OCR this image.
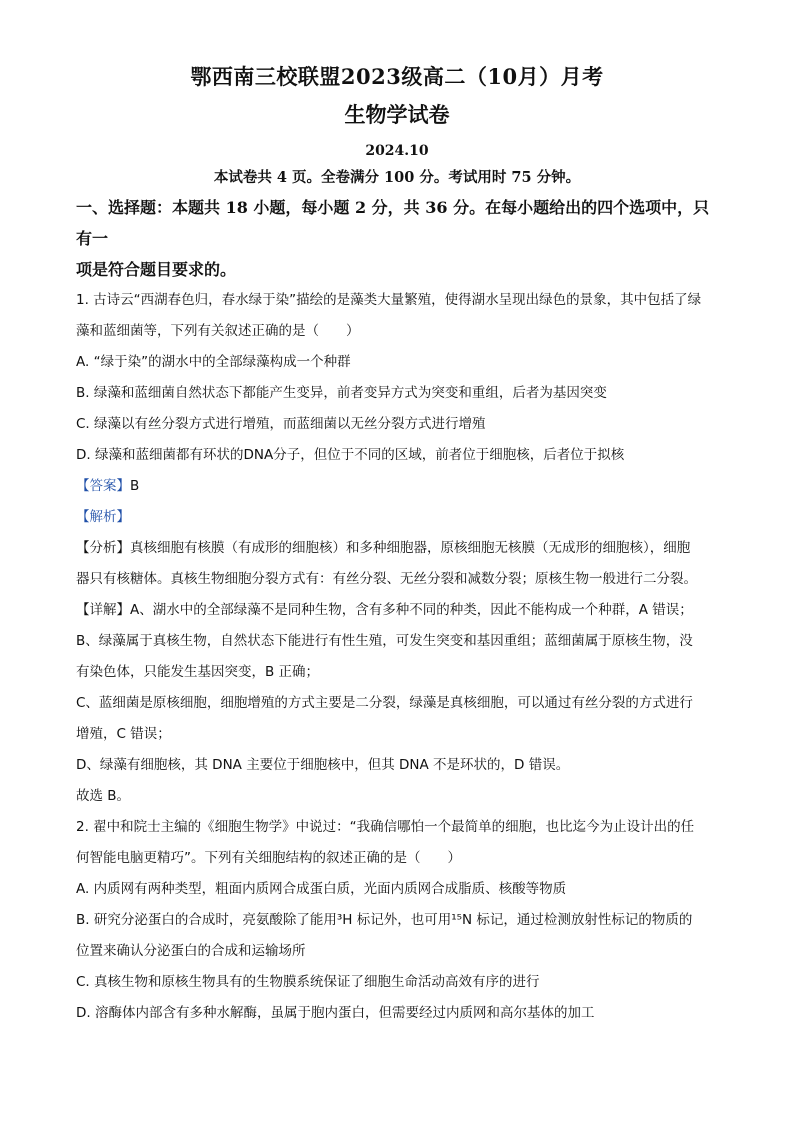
鄂西南三校联盟2023级高二（10月）月考
生物学试卷
2024.10
本试卷共 4 页。全卷满分 100 分。考试用时 75 分钟。
一、选择题：本题共 18 小题，每小题 2 分，共 36 分。在每小题给出的四个选项中，只有一
项是符合题目要求的。
1. 古诗云“西湖春色归，春水绿于染”描绘的是藻类大量繁殖，使得湖水呈现出绿色的景象，其中包括了绿
藻和蓝细菌等，下列有关叙述正确的是（　　）
A. “绿于染”的湖水中的全部绿藻构成一个种群
B. 绿藻和蓝细菌自然状态下都能产生变异，前者变异方式为突变和重组，后者为基因突变
C. 绿藻以有丝分裂方式进行增殖，而蓝细菌以无丝分裂方式进行增殖
D. 绿藻和蓝细菌都有环状的DNA分子，但位于不同的区域，前者位于细胞核，后者位于拟核
【答案】B
【解析】
【分析】真核细胞有核膜（有成形的细胞核）和多种细胞器，原核细胞无核膜（无成形的细胞核），细胞
器只有核糖体。真核生物细胞分裂方式有：有丝分裂、无丝分裂和减数分裂；原核生物一般进行二分裂。
【详解】A、湖水中的全部绿藻不是同种生物，含有多种不同的种类，因此不能构成一个种群，A 错误；
B、绿藻属于真核生物，自然状态下能进行有性生殖，可发生突变和基因重组；蓝细菌属于原核生物，没
有染色体，只能发生基因突变，B 正确；
C、蓝细菌是原核细胞，细胞增殖的方式主要是二分裂，绿藻是真核细胞，可以通过有丝分裂的方式进行
增殖，C 错误；
D、绿藻有细胞核，其 DNA 主要位于细胞核中，但其 DNA 不是环状的，D 错误。
故选 B。
2. 翟中和院士主编的《细胞生物学》中说过：“我确信哪怕一个最简单的细胞，也比迄今为止设计出的任
何智能电脑更精巧”。下列有关细胞结构的叙述正确的是（　　）
A. 内质网有两种类型，粗面内质网合成蛋白质，光面内质网合成脂质、核酸等物质
B. 研究分泌蛋白的合成时，亮氨酸除了能用³H 标记外，也可用¹⁵N 标记，通过检测放射性标记的物质的
位置来确认分泌蛋白的合成和运输场所
C. 真核生物和原核生物具有的生物膜系统保证了细胞生命活动高效有序的进行
D. 溶酶体内部含有多种水解酶，虽属于胞内蛋白，但需要经过内质网和高尔基体的加工
